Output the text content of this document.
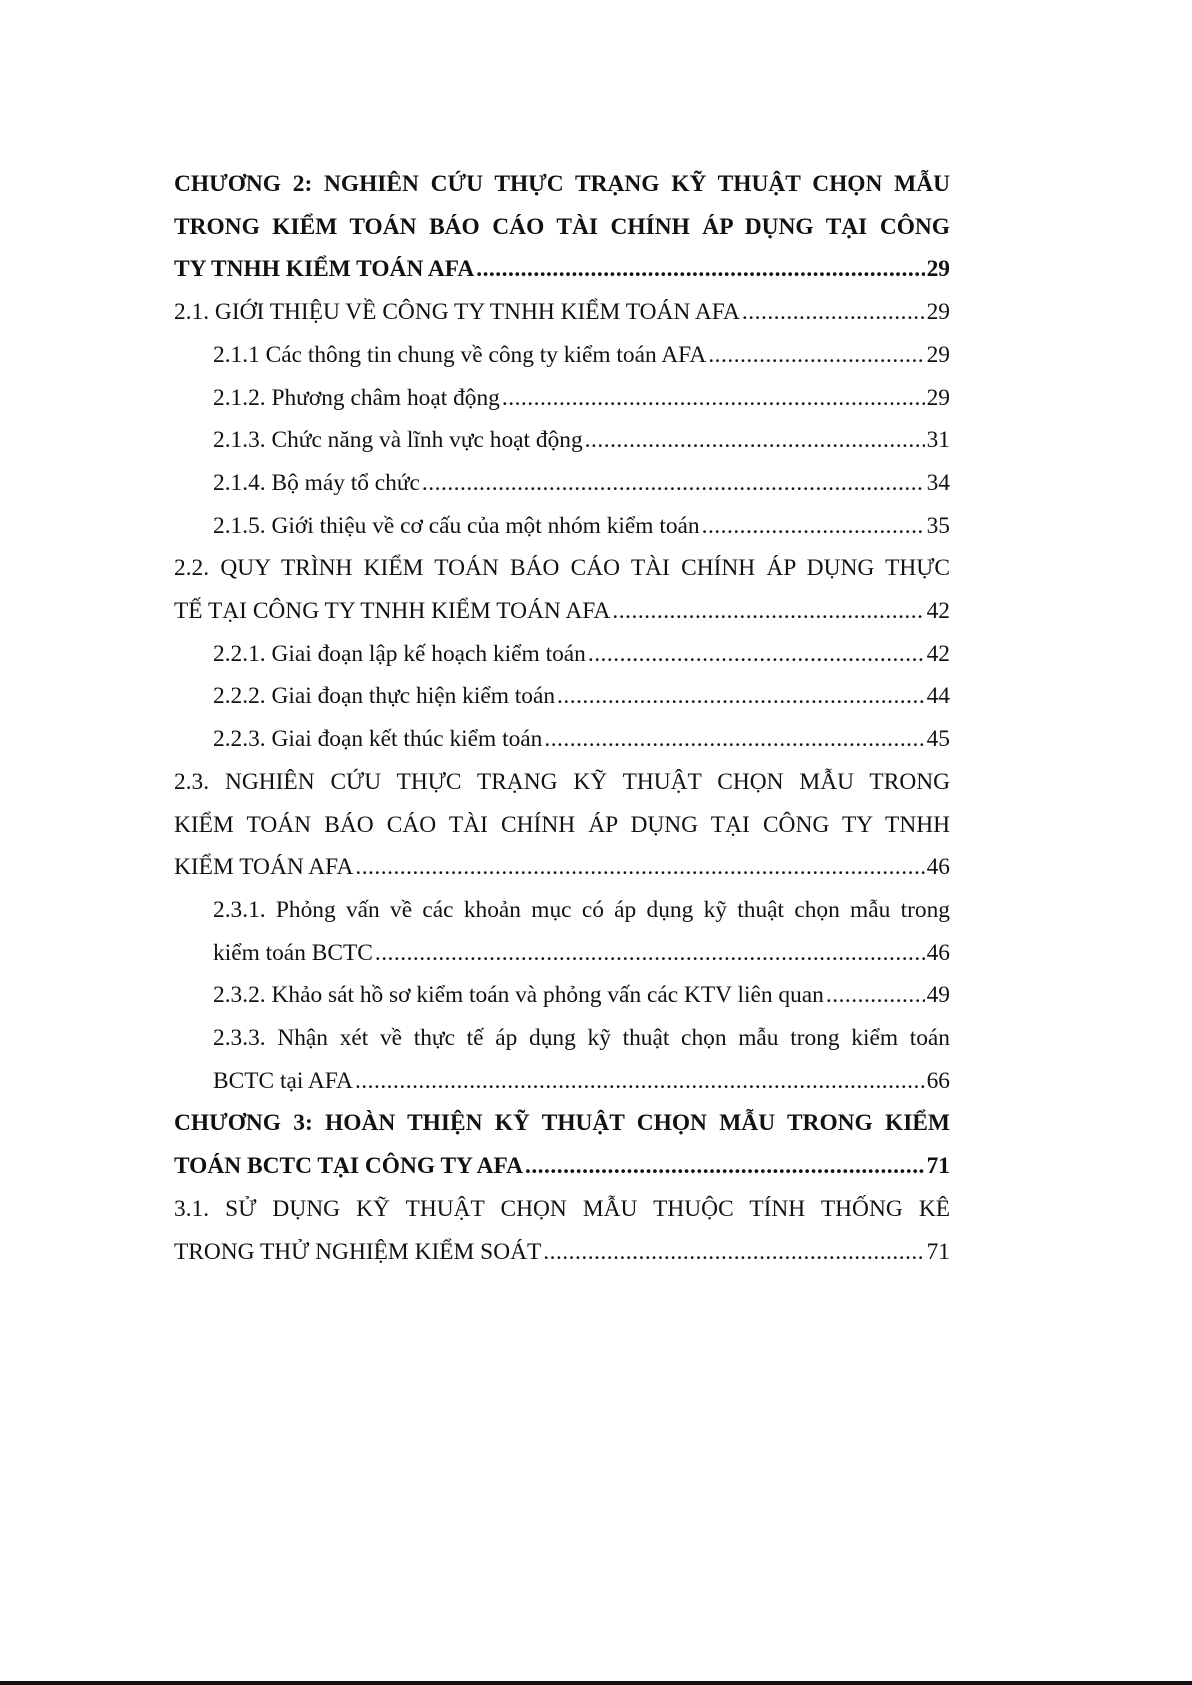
CHƯƠNG 2: NGHIÊN CỨU THỰC TRẠNG KỸ THUẬT CHỌN MẪU
TRONG KIỂM TOÁN BÁO CÁO TÀI CHÍNH ÁP DỤNG TẠI CÔNG
TY TNHH KIỂM TOÁN AFA .....	29
2.1. GIỚI THIỆU VỀ CÔNG TY TNHH KIỂM TOÁN AFA .....	29
2.1.1 Các thông tin chung về công ty kiểm toán AFA .....	29
2.1.2. Phương châm hoạt động .....	29
2.1.3. Chức năng và lĩnh vực hoạt động .....	31
2.1.4. Bộ máy tổ chức .....	34
2.1.5. Giới thiệu về cơ cấu của một nhóm kiểm toán .....	35
2.2. QUY TRÌNH KIỂM TOÁN BÁO CÁO TÀI CHÍNH ÁP DỤNG THỰC
TẾ TẠI CÔNG TY TNHH KIỂM TOÁN AFA .....	42
2.2.1. Giai đoạn lập kế hoạch kiểm toán .....	42
2.2.2. Giai đoạn thực hiện kiểm toán .....	44
2.2.3. Giai đoạn kết thúc kiểm toán .....	45
2.3. NGHIÊN CỨU THỰC TRẠNG KỸ THUẬT CHỌN MẪU TRONG
KIỂM TOÁN BÁO CÁO TÀI CHÍNH ÁP DỤNG TẠI CÔNG TY TNHH
KIỂM TOÁN AFA .....	46
2.3.1. Phỏng vấn về các khoản mục có áp dụng kỹ thuật chọn mẫu trong
kiểm toán BCTC .....	46
2.3.2. Khảo sát hồ sơ kiểm toán và phỏng vấn các KTV liên quan .....	49
2.3.3. Nhận xét về thực tế áp dụng kỹ thuật chọn mẫu trong kiểm toán
BCTC tại AFA .....	66
CHƯƠNG 3: HOÀN THIỆN KỸ THUẬT CHỌN MẪU TRONG KIỂM
TOÁN BCTC TẠI CÔNG TY AFA .....	71
3.1. SỬ DỤNG KỸ THUẬT CHỌN MẪU THUỘC TÍNH THỐNG KÊ
TRONG THỬ NGHIỆM KIỂM SOÁT .....	71
